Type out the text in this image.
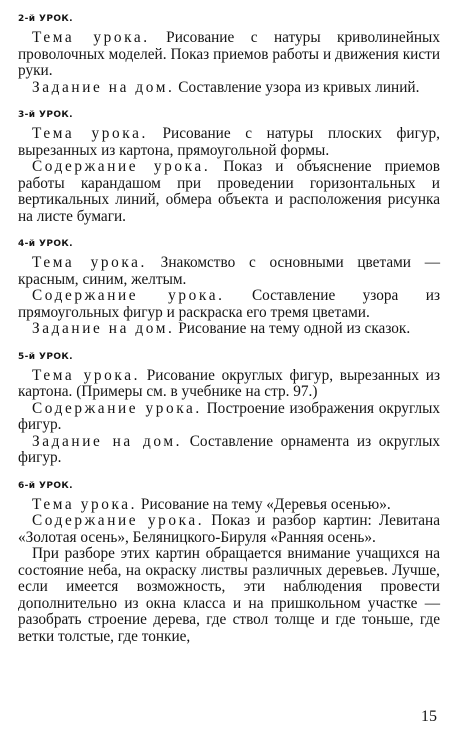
2-й УРОК.

Тема урока. Рисование с натуры криволинейных проволочных моделей. Показ приемов работы и движения кисти руки.

Задание на дом. Составление узора из кривых линий.

3-й УРОК.

Тема урока. Рисование с натуры плоских фигур, вырезанных из картона, прямоугольной формы.

Содержание урока. Показ и объяснение приемов работы карандашом при проведении горизонтальных и вертикальных линий, обмера объекта и расположения рисунка на листе бумаги.

4-й УРОК.

Тема урока. Знакомство с основными цветами — красным, синим, желтым.

Содержание урока. Составление узора из прямоугольных фигур и раскраска его тремя цветами.

Задание на дом. Рисование на тему одной из сказок.

5-й УРОК.

Тема урока. Рисование округлых фигур, вырезанных из картона. (Примеры см. в учебнике на стр. 97.)

Содержание урока. Построение изображения округлых фигур.

Задание на дом. Составление орнамента из округлых фигур.

6-й УРОК.

Тема урока. Рисование на тему «Деревья осенью».

Содержание урока. Показ и разбор картин: Левитана «Золотая осень», Беляницкого-Бируля «Ранняя осень».

При разборе этих картин обращается внимание учащихся на состояние неба, на окраску листвы различных деревьев. Лучше, если имеется возможность, эти наблюдения провести дополнительно из окна класса и на пришкольном участке — разобрать строение дерева, где ствол толще и где тоньше, где ветки толстые, где тонкие,

15
